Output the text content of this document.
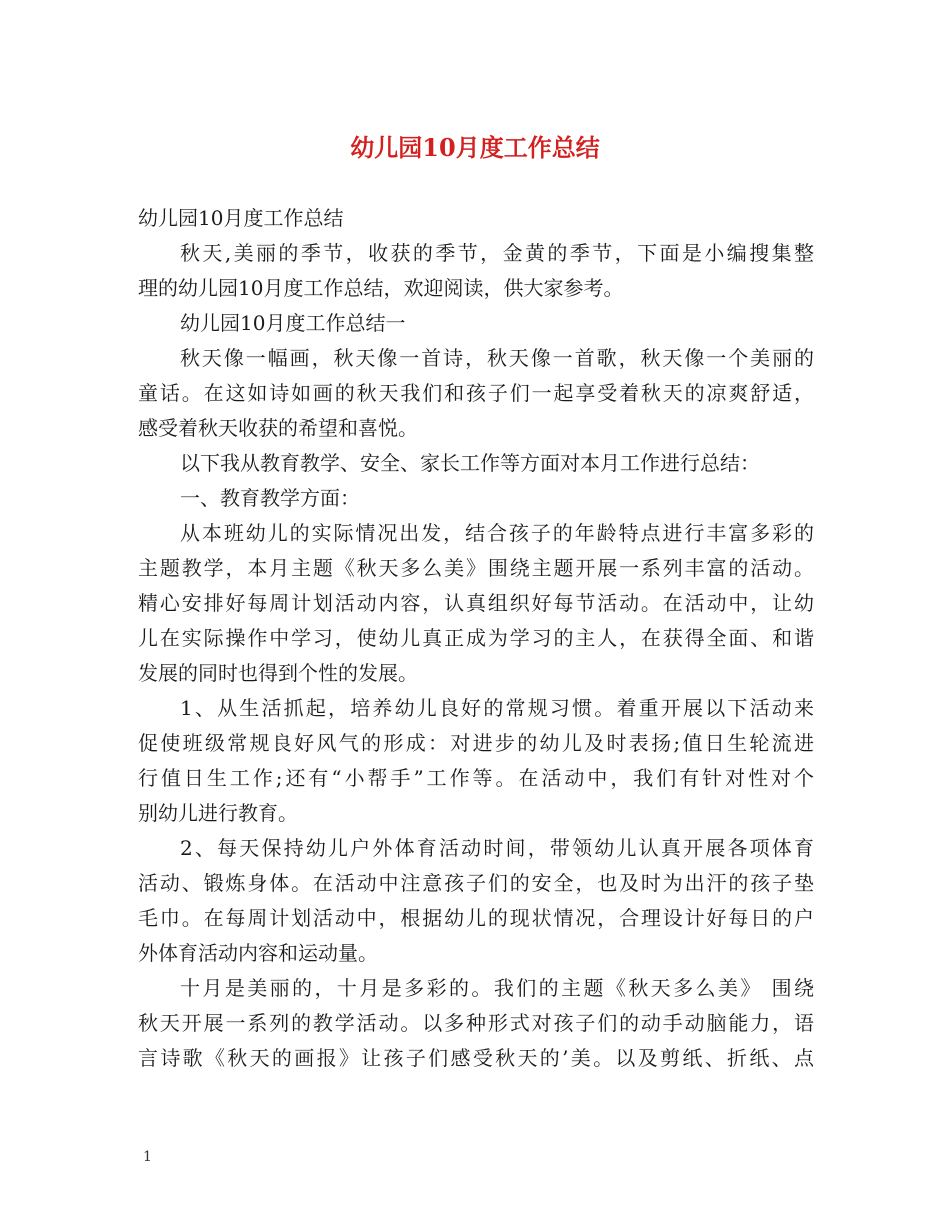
幼儿园10月度工作总结
幼儿园10月度工作总结
秋天,美丽的季节，收获的季节，金黄的季节，下面是小编搜集整
理的幼儿园10月度工作总结，欢迎阅读，供大家参考。
幼儿园10月度工作总结一
秋天像一幅画，秋天像一首诗，秋天像一首歌，秋天像一个美丽的
童话。在这如诗如画的秋天我们和孩子们一起享受着秋天的凉爽舒适，
感受着秋天收获的希望和喜悦。
以下我从教育教学、安全、家长工作等方面对本月工作进行总结：
一、教育教学方面：
从本班幼儿的实际情况出发，结合孩子的年龄特点进行丰富多彩的
主题教学，本月主题《秋天多么美》围绕主题开展一系列丰富的活动。
精心安排好每周计划活动内容，认真组织好每节活动。在活动中，让幼
儿在实际操作中学习，使幼儿真正成为学习的主人，在获得全面、和谐
发展的同时也得到个性的发展。
1、从生活抓起，培养幼儿良好的常规习惯。着重开展以下活动来
促使班级常规良好风气的形成：对进步的幼儿及时表扬;值日生轮流进
行值日生工作;还有“小帮手”工作等。在活动中，我们有针对性对个
别幼儿进行教育。
2、每天保持幼儿户外体育活动时间，带领幼儿认真开展各项体育
活动、锻炼身体。在活动中注意孩子们的安全，也及时为出汗的孩子垫
毛巾。在每周计划活动中，根据幼儿的现状情况，合理设计好每日的户
外体育活动内容和运动量。
十月是美丽的，十月是多彩的。我们的主题《秋天多么美》 围绕
秋天开展一系列的教学活动。以多种形式对孩子们的动手动脑能力，语
言诗歌《秋天的画报》让孩子们感受秋天的’美。以及剪纸、折纸、点
1
